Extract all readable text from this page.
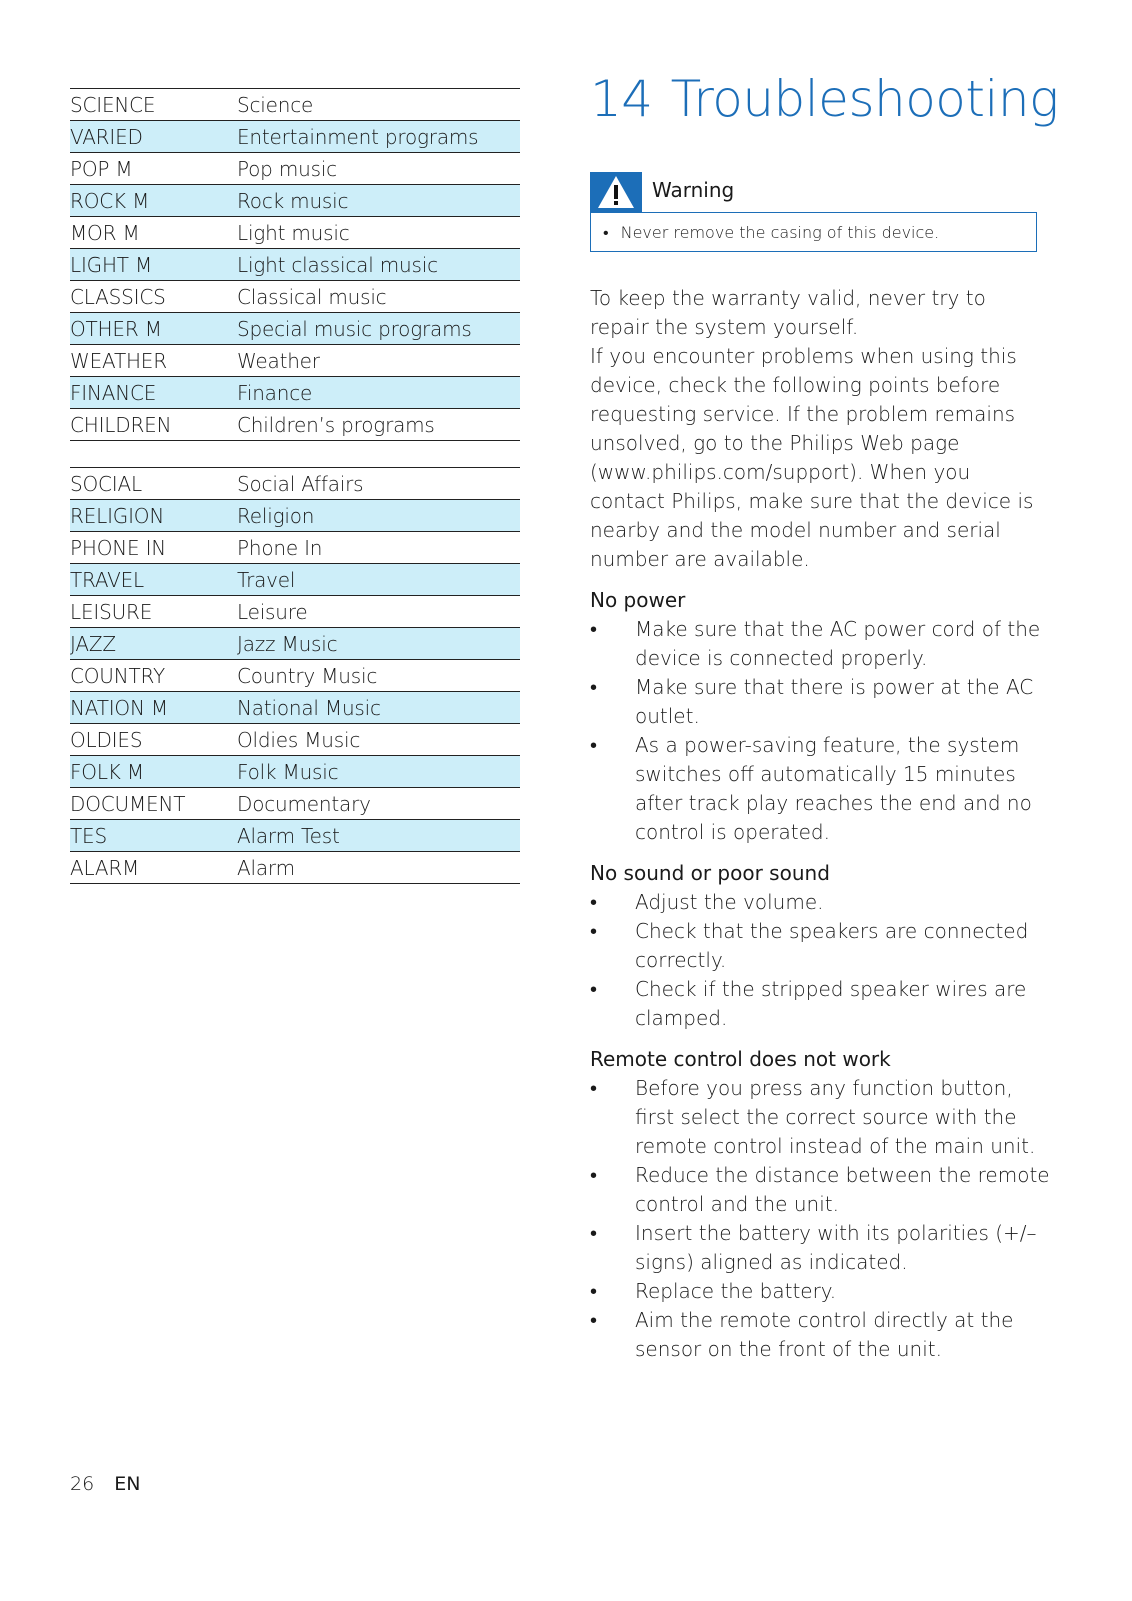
SCIENCE	Science
VARIED	Entertainment programs
POP M	Pop music
ROCK M	Rock music
MOR M	Light music
LIGHT M	Light classical music
CLASSICS	Classical music
OTHER M	Special music programs
WEATHER	Weather
FINANCE	Finance
CHILDREN	Children’s programs

SOCIAL	Social Affairs
RELIGION	Religion
PHONE IN	Phone In
TRAVEL	Travel
LEISURE	Leisure
JAZZ	Jazz Music
COUNTRY	Country Music
NATION M	National Music
OLDIES	Oldies Music
FOLK M	Folk Music
DOCUMENT	Documentary
TES	Alarm Test
ALARM	Alarm
14 Troubleshooting
Warning
• Never remove the casing of this device.

To keep the warranty valid, never try to repair the system yourself.

If you encounter problems when using this device, check the following points before requesting service. If the problem remains unsolved, go to the Philips Web page (www.philips.com/support). When you contact Philips, make sure that the device is nearby and the model number and serial number are available.

No power
• Make sure that the AC power cord of the device is connected properly.
• Make sure that there is power at the AC outlet.
• As a power-saving feature, the system switches off automatically 15 minutes after track play reaches the end and no control is operated.
No sound or poor sound
• Adjust the volume.
• Check that the speakers are connected correctly.
• Check if the stripped speaker wires are clamped.
Remote control does not work
• Before you press any function button, first select the correct source with the remote control instead of the main unit.
• Reduce the distance between the remote control and the unit.
• Insert the battery with its polarities (+/– signs) aligned as indicated.
• Replace the battery.
• Aim the remote control directly at the sensor on the front of the unit.
26 EN
